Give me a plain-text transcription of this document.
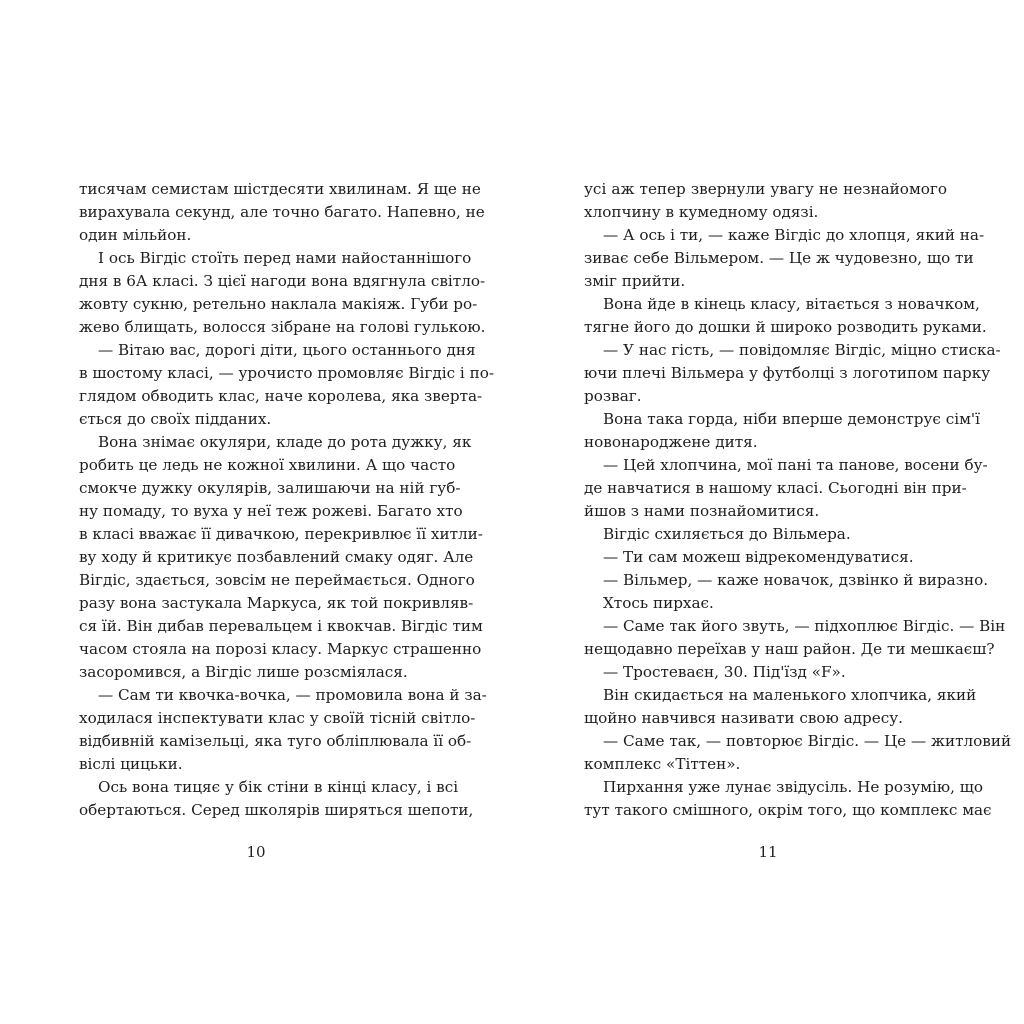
тисячам семистам шістдесяти хвилинам. Я ще не
вирахувала секунд, але точно багато. Напевно, не
один мільйон.
І ось Вігдіс стоїть перед нами найостаннішого
дня в 6А класі. З цієї нагоди вона вдягнула світло-
жовту сукню, ретельно наклала макіяж. Губи ро-
жево блищать, волосся зібране на голові гулькою.
— Вітаю вас, дорогі діти, цього останнього дня
в шостому класі, — урочисто промовляє Вігдіс і по-
глядом обводить клас, наче королева, яка зверта-
ється до своїх підданих.
Вона знімає окуляри, кладе до рота дужку, як
робить це ледь не кожної хвилини. А що часто
смокче дужку окулярів, залишаючи на ній губ-
ну помаду, то вуха у неї теж рожеві. Багато хто
в класі вважає її дивачкою, перекривлює її хитли-
ву ходу й критикує позбавлений смаку одяг. Але
Вігдіс, здається, зовсім не переймається. Одного
разу вона застукала Маркуса, як той покривляв-
ся їй. Він дибав перевальцем і квокчав. Вігдіс тим
часом стояла на порозі класу. Маркус страшенно
засоромився, а Вігдіс лише розсміялася.
— Сам ти квочка-вочка, — промовила вона й за-
ходилася інспектувати клас у своїй тісній світло-
відбивній камізельці, яка туго обліплювала її об-
віслі цицьки.
Ось вона тицяє у бік стіни в кінці класу, і всі
обертаються. Серед школярів ширяться шепоти,
10
усі аж тепер звернули увагу не незнайомого
хлопчину в кумедному одязі.
— А ось і ти, — каже Вігдіс до хлопця, який на-
зиває себе Вільмером. — Це ж чудовезно, що ти
зміг прийти.
Вона йде в кінець класу, вітається з новачком,
тягне його до дошки й широко розводить руками.
— У нас гість, — повідомляє Вігдіс, міцно стиска-
ючи плечі Вільмера у футболці з логотипом парку
розваг.
Вона така горда, ніби вперше демонструє сім'ї
новонароджене дитя.
— Цей хлопчина, мої пані та панове, восени бу-
де навчатися в нашому класі. Сьогодні він при-
йшов з нами познайомитися.
Вігдіс схиляється до Вільмера.
— Ти сам можеш відрекомендуватися.
— Вільмер, — каже новачок, дзвінко й виразно.
Хтось пирхає.
— Саме так його звуть, — підхоплює Вігдіс. — Він
нещодавно переїхав у наш район. Де ти мешкаєш?
— Тростеваєн, 30. Під'їзд «F».
Він скидається на маленького хлопчика, який
щойно навчився називати свою адресу.
— Саме так, — повторює Вігдіс. — Це — житловий
комплекс «Тіттен».
Пирхання уже лунає звідусіль. Не розумію, що
тут такого смішного, окрім того, що комплекс має
11
